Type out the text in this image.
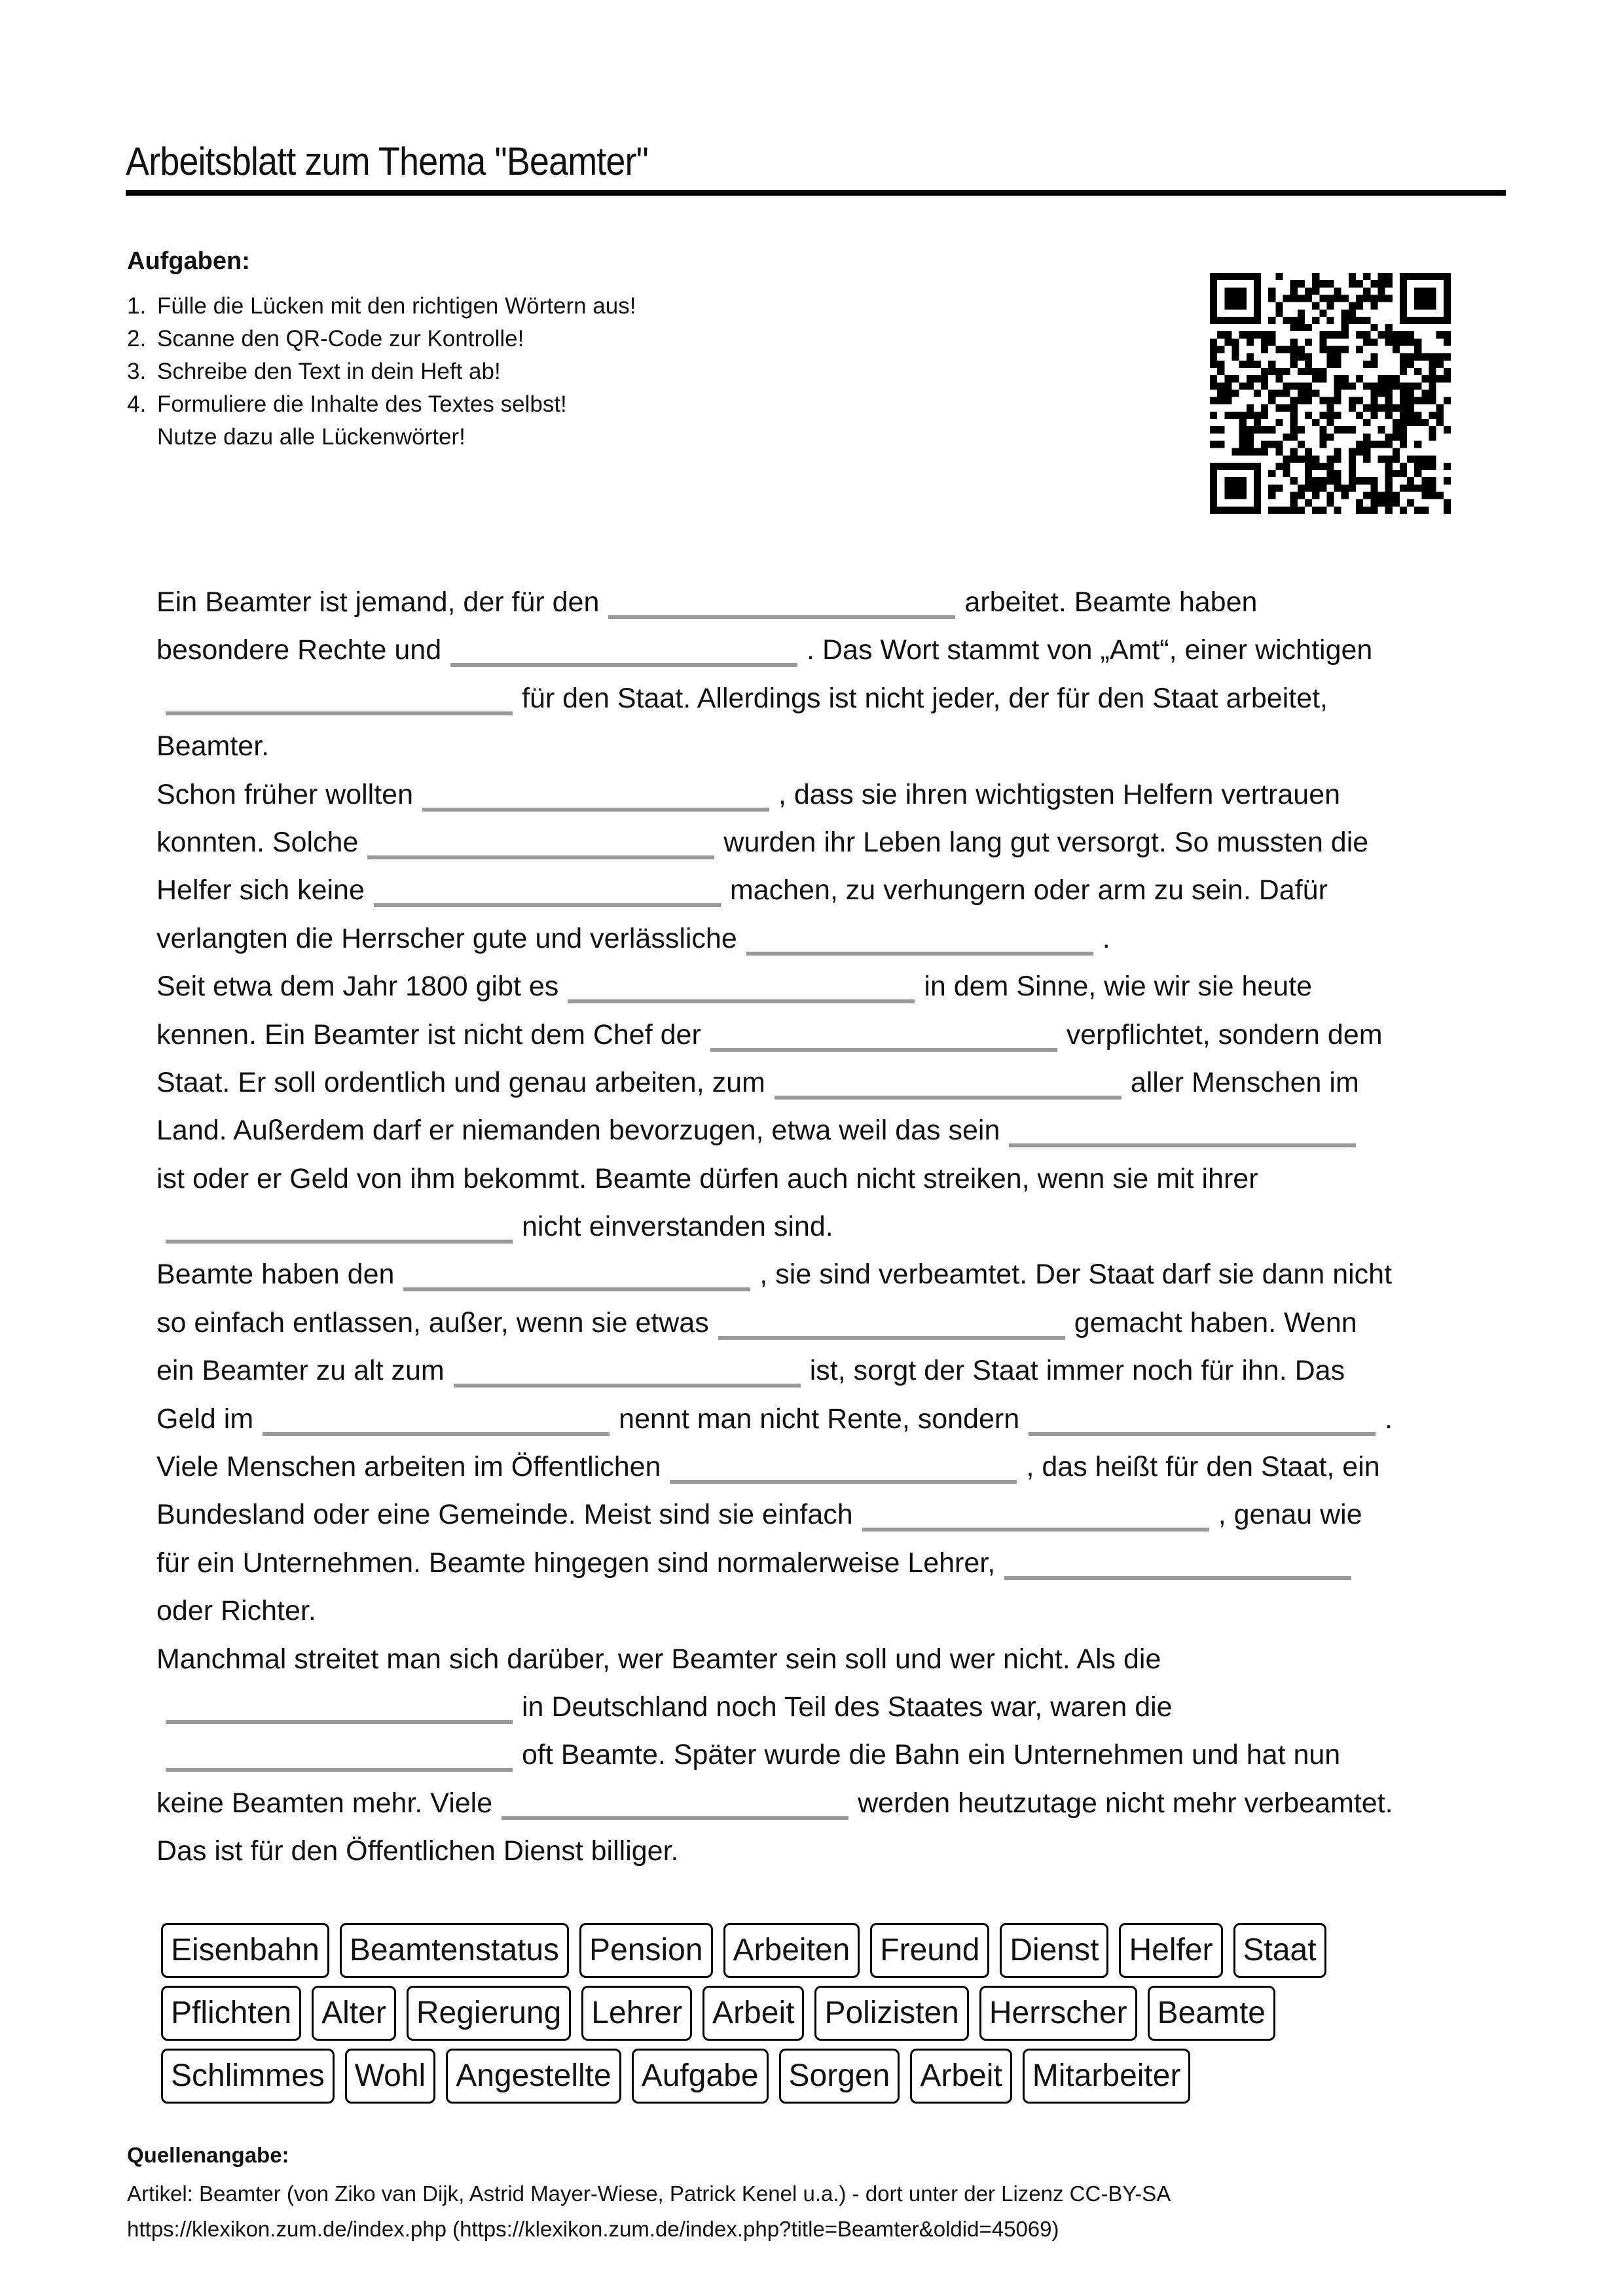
Arbeitsblatt zum Thema "Beamter"
Aufgaben:
1. Fülle die Lücken mit den richtigen Wörtern aus!
2. Scanne den QR-Code zur Kontrolle!
3. Schreibe den Text in dein Heft ab!
4. Formuliere die Inhalte des Textes selbst!
Nutze dazu alle Lückenwörter!
Ein Beamter ist jemand, der für den	arbeitet. Beamte haben
besondere Rechte und	. Das Wort stammt von „Amt“, einer wichtigen
für den Staat. Allerdings ist nicht jeder, der für den Staat arbeitet,
Beamter.
Schon früher wollten	, dass sie ihren wichtigsten Helfern vertrauen
konnten. Solche	wurden ihr Leben lang gut versorgt. So mussten die
Helfer sich keine	machen, zu verhungern oder arm zu sein. Dafür
verlangten die Herrscher gute und verlässliche	.
Seit etwa dem Jahr 1800 gibt es	in dem Sinne, wie wir sie heute
kennen. Ein Beamter ist nicht dem Chef der	verpflichtet, sondern dem
Staat. Er soll ordentlich und genau arbeiten, zum	aller Menschen im
Land. Außerdem darf er niemanden bevorzugen, etwa weil das sein
ist oder er Geld von ihm bekommt. Beamte dürfen auch nicht streiken, wenn sie mit ihrer
nicht einverstanden sind.
Beamte haben den	, sie sind verbeamtet. Der Staat darf sie dann nicht
so einfach entlassen, außer, wenn sie etwas	gemacht haben. Wenn
ein Beamter zu alt zum	ist, sorgt der Staat immer noch für ihn. Das
Geld im	nennt man nicht Rente, sondern	.
Viele Menschen arbeiten im Öffentlichen	, das heißt für den Staat, ein
Bundesland oder eine Gemeinde. Meist sind sie einfach	, genau wie
für ein Unternehmen. Beamte hingegen sind normalerweise Lehrer,
oder Richter.
Manchmal streitet man sich darüber, wer Beamter sein soll und wer nicht. Als die
in Deutschland noch Teil des Staates war, waren die
oft Beamte. Später wurde die Bahn ein Unternehmen und hat nun
keine Beamten mehr. Viele	werden heutzutage nicht mehr verbeamtet.
Das ist für den Öffentlichen Dienst billiger.
Eisenbahn Beamtenstatus Pension Arbeiten Freund Dienst Helfer Staat
Pflichten Alter Regierung Lehrer Arbeit Polizisten Herrscher Beamte
Schlimmes Wohl Angestellte Aufgabe Sorgen Arbeit Mitarbeiter
Quellenangabe:
Artikel: Beamter (von Ziko van Dijk, Astrid Mayer-Wiese, Patrick Kenel u.a.) - dort unter der Lizenz CC-BY-SA
https://klexikon.zum.de/index.php (https://klexikon.zum.de/index.php?title=Beamter&oldid=45069)
